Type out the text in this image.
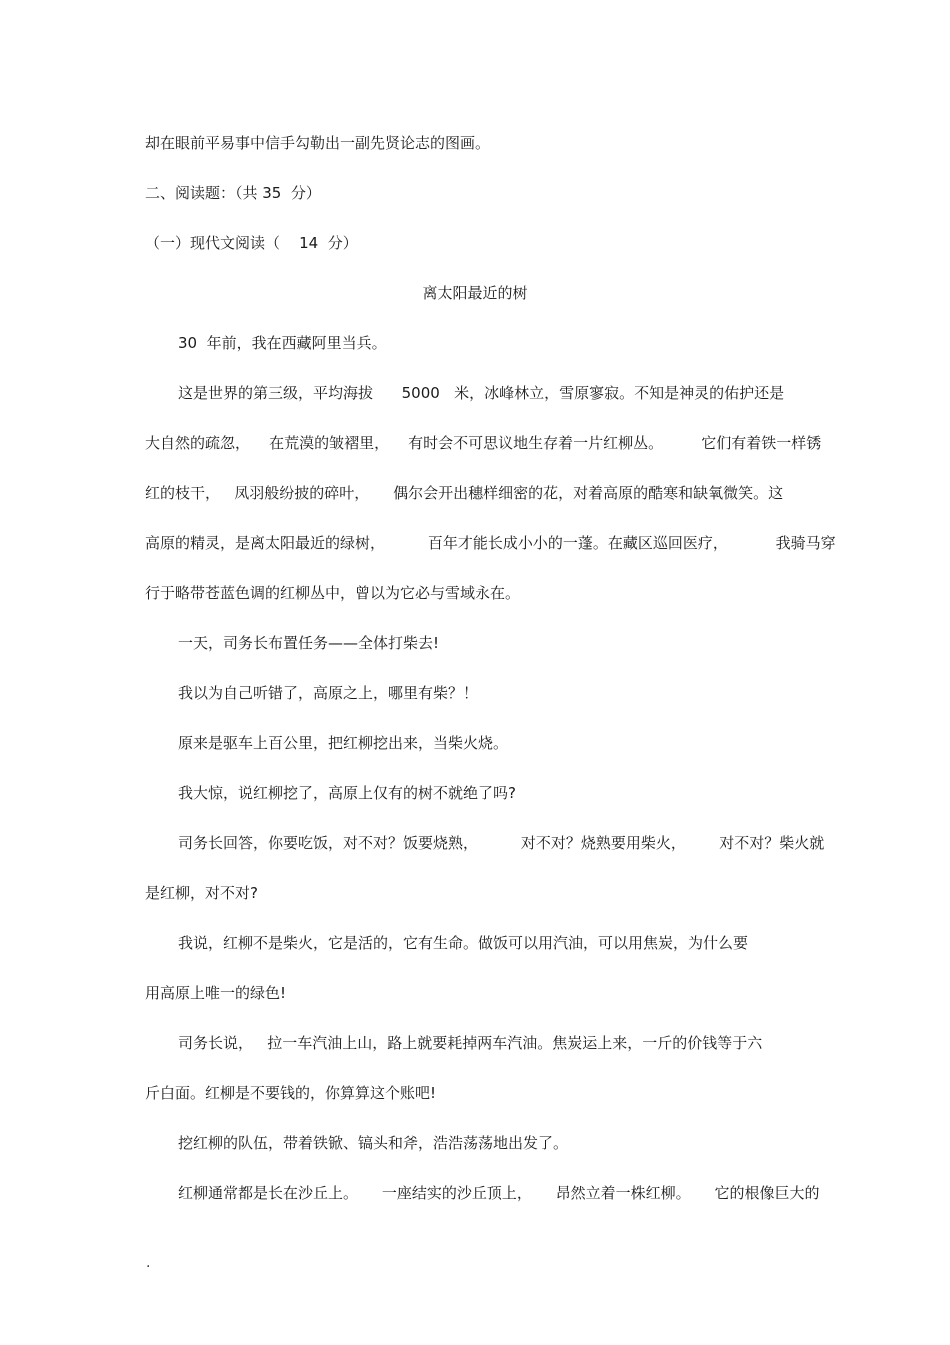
却在眼前平易事中信手勾勒出一副先贤论志的图画。
二、阅读题：（共 35  分）
（一）现代文阅读（    14  分）
离太阳最近的树
30  年前，我在西藏阿里当兵。
这是世界的第三级，平均海拔      5000   米，冰峰林立，雪原寥寂。不知是神灵的佑护还是
大自然的疏忽，    在荒漠的皱褶里，    有时会不可思议地生存着一片红柳丛。        它们有着铁一样锈
红的枝干，   凤羽般纷披的碎叶，     偶尔会开出穗样细密的花，对着高原的酷寒和缺氧微笑。这
高原的精灵，是离太阳最近的绿树，         百年才能长成小小的一蓬。在藏区巡回医疗，          我骑马穿
行于略带苍蓝色调的红柳丛中，曾以为它必与雪域永在。
一天，司务长布置任务——全体打柴去!
我以为自己听错了，高原之上，哪里有柴？！
原来是驱车上百公里，把红柳挖出来，当柴火烧。
我大惊，说红柳挖了，高原上仅有的树不就绝了吗?
司务长回答，你要吃饭，对不对？饭要烧熟，         对不对？烧熟要用柴火，       对不对？柴火就
是红柳，对不对?
我说，红柳不是柴火，它是活的，它有生命。做饭可以用汽油，可以用焦炭，为什么要
用高原上唯一的绿色!
司务长说，   拉一车汽油上山，路上就要耗掉两车汽油。焦炭运上来，一斤的价钱等于六
斤白面。红柳是不要钱的，你算算这个账吧!
挖红柳的队伍，带着铁锨、镐头和斧，浩浩荡荡地出发了。
红柳通常都是长在沙丘上。     一座结实的沙丘顶上，     昂然立着一株红柳。     它的根像巨大的
.
